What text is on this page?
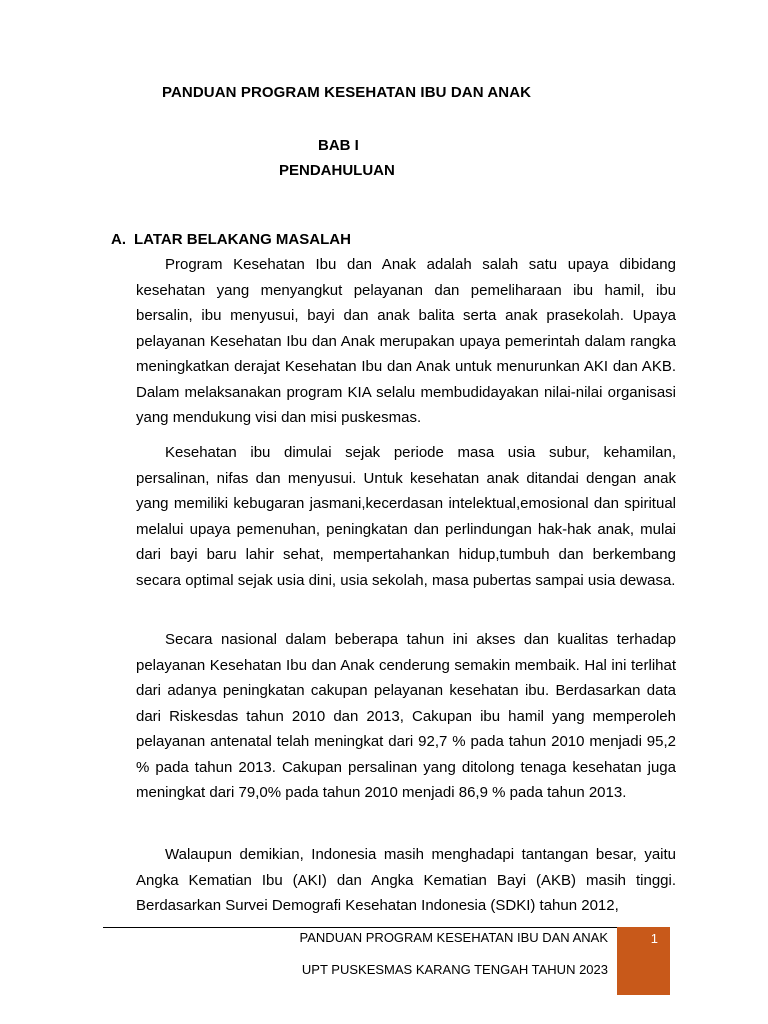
PANDUAN PROGRAM KESEHATAN IBU DAN ANAK
BAB I
PENDAHULUAN
A. LATAR BELAKANG MASALAH

Program Kesehatan Ibu dan Anak adalah salah satu upaya dibidang kesehatan yang menyangkut pelayanan dan pemeliharaan ibu hamil, ibu bersalin, ibu menyusui, bayi dan anak balita serta anak prasekolah. Upaya pelayanan Kesehatan Ibu dan Anak merupakan upaya pemerintah dalam rangka meningkatkan derajat Kesehatan Ibu dan Anak untuk menurunkan AKI dan AKB. Dalam melaksanakan program KIA selalu membudidayakan nilai-nilai organisasi yang mendukung visi dan misi puskesmas.

Kesehatan ibu dimulai sejak periode masa usia subur, kehamilan, persalinan, nifas dan menyusui. Untuk kesehatan anak ditandai dengan anak yang memiliki kebugaran jasmani,kecerdasan intelektual,emosional dan spiritual melalui upaya pemenuhan, peningkatan dan perlindungan hak-hak anak, mulai dari bayi baru lahir sehat, mempertahankan hidup,tumbuh dan berkembang secara optimal sejak usia dini, usia sekolah, masa pubertas sampai usia dewasa.

Secara nasional dalam beberapa tahun ini akses dan kualitas terhadap pelayanan Kesehatan Ibu dan Anak cenderung semakin membaik. Hal ini terlihat dari adanya peningkatan cakupan pelayanan kesehatan ibu. Berdasarkan data dari Riskesdas tahun 2010 dan 2013, Cakupan ibu hamil yang memperoleh pelayanan antenatal telah meningkat dari 92,7 % pada tahun 2010 menjadi 95,2 % pada tahun 2013. Cakupan persalinan yang ditolong tenaga kesehatan juga meningkat dari 79,0% pada tahun 2010 menjadi 86,9 % pada tahun 2013.

Walaupun demikian, Indonesia masih menghadapi tantangan besar, yaitu Angka Kematian Ibu (AKI) dan Angka Kematian Bayi (AKB) masih tinggi. Berdasarkan Survei Demografi Kesehatan Indonesia (SDKI) tahun 2012,

PANDUAN PROGRAM KESEHATAN IBU DAN ANAK
UPT PUSKESMAS KARANG TENGAH TAHUN 2023
1
